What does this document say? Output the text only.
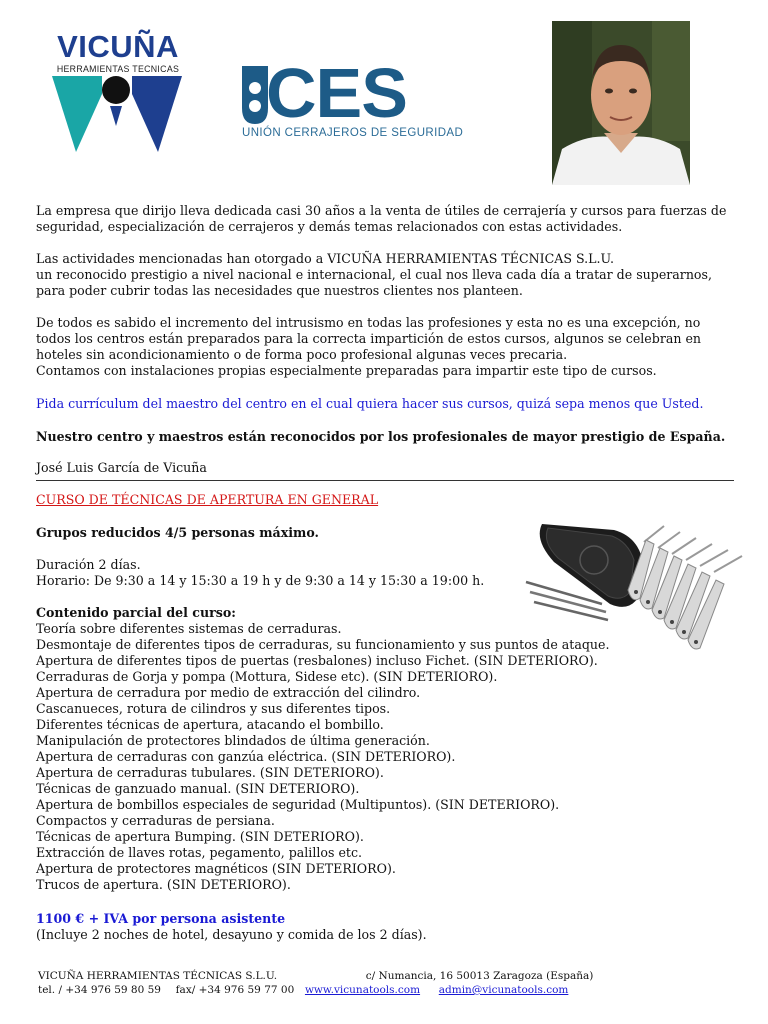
VICUÑA
HERRAMIENTAS TECNICAS CES
UNIÓN CERRAJEROS DE SEGURIDAD
La empresa que dirijo lleva dedicada casi 30 años a la venta de útiles de cerrajería y cursos para fuerzas de
seguridad, especialización de cerrajeros y demás temas relacionados con estas actividades.
Las actividades mencionadas han otorgado a VICUÑA HERRAMIENTAS TÉCNICAS S.L.U.
un reconocido prestigio a nivel nacional e internacional, el cual nos lleva cada día a tratar de superarnos,
para poder cubrir todas las necesidades que nuestros clientes nos planteen.
De todos es sabido el incremento del intrusismo en todas las profesiones y esta no es una excepción, no
todos los centros están preparados para la correcta impartición de estos cursos, algunos se celebran en
hoteles sin acondicionamiento o de forma poco profesional algunas veces precaria.
Contamos con instalaciones propias especialmente preparadas para impartir este tipo de cursos.
Pida currículum del maestro del centro en el cual quiera hacer sus cursos, quizá sepa menos que Usted.
Nuestro centro y maestros están reconocidos por los profesionales de mayor prestigio de España.
José Luis García de Vicuña
CURSO DE TÉCNICAS DE APERTURA EN GENERAL
Grupos reducidos 4/5 personas máximo.
Duración 2 días.
Horario: De 9:30 a 14 y 15:30 a 19 h y de 9:30 a 14 y 15:30 a 19:00 h.
Contenido parcial del curso:
Teoría sobre diferentes sistemas de cerraduras.
Desmontaje de diferentes tipos de cerraduras, su funcionamiento y sus puntos de ataque.
Apertura de diferentes tipos de puertas (resbalones) incluso Fichet. (SIN DETERIORO).
Cerraduras de Gorja y pompa (Mottura, Sidese etc). (SIN DETERIORO).
Apertura de cerradura por medio de extracción del cilindro.
Cascanueces, rotura de cilindros y sus diferentes tipos.
Diferentes técnicas de apertura, atacando el bombillo.
Manipulación de protectores blindados de última generación.
Apertura de cerraduras con ganzúa eléctrica. (SIN DETERIORO).
Apertura de cerraduras tubulares. (SIN DETERIORO).
Técnicas de ganzuado manual. (SIN DETERIORO).
Apertura de bombillos especiales de seguridad (Multipuntos). (SIN DETERIORO).
Compactos y cerraduras de persiana.
Técnicas de apertura Bumping. (SIN DETERIORO).
Extracción de llaves rotas, pegamento, palillos etc.
Apertura de protectores magnéticos (SIN DETERIORO).
Trucos de apertura. (SIN DETERIORO).
1100 € + IVA por persona asistente
(Incluye 2 noches de hotel, desayuno y comida de los 2 días).
VICUÑA HERRAMIENTAS TÉCNICAS S.L.U.	c/ Numancia, 16 50013 Zaragoza (España)
tel. / +34 976 59 80 59 fax/ +34 976 59 77 00 www.vicunatools.com admin@vicunatools.com
